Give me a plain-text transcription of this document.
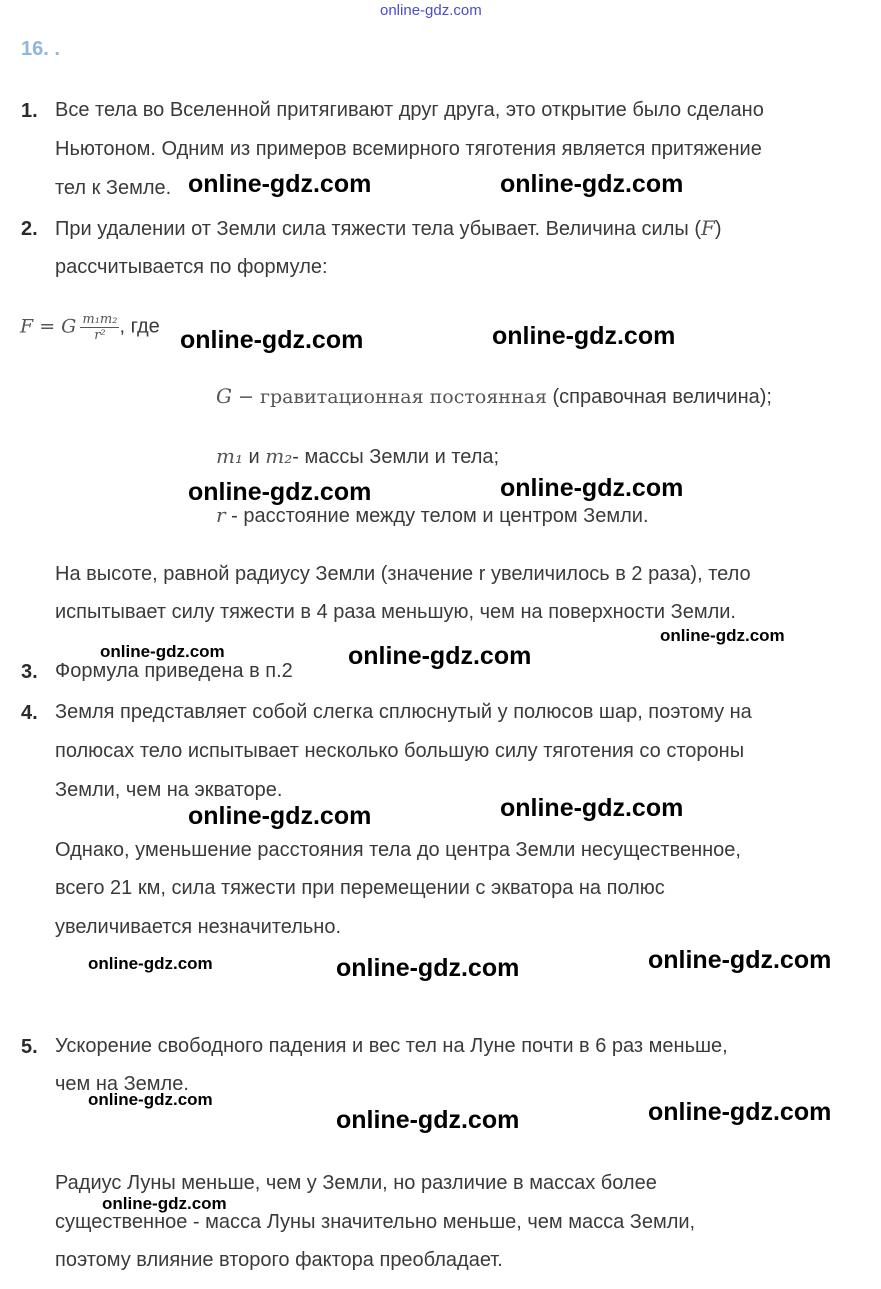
online-gdz.com
16. .
1. Все тела во Вселенной притягивают друг друга, это открытие было сделано
Ньютоном. Одним из примеров всемирного тяготения является притяжение
тел к Земле.
2. При удалении от Земли сила тяжести тела убывает. Величина силы (F)
рассчитывается по формуле:
F = G $\frac{\text{m₁m₂}}{\text{r²}}$ , где
G − гравитационная постоянная (справочная величина);
m₁ и m₂- массы Земли и тела;
r - расстояние между телом и центром Земли.
На высоте, равной радиусу Земли (значение r увеличилось в 2 раза), тело
испытывает силу тяжести в 4 раза меньшую, чем на поверхности Земли.
3. Формула приведена в п.2
4. Земля представляет собой слегка сплюснутый у полюсов шар, поэтому на
полюсах тело испытывает несколько большую силу тяготения со стороны
Земли, чем на экваторе.
Однако, уменьшение расстояния тела до центра Земли несущественное,
всего 21 км, сила тяжести при перемещении с экватора на полюс
увеличивается незначительно.
5. Ускорение свободного падения и вес тел на Луне почти в 6 раз меньше,
чем на Земле.
Радиус Луны меньше, чем у Земли, но различие в массах более
существенное - масса Луны значительно меньше, чем масса Земли,
поэтому влияние второго фактора преобладает.
online-gdz.com	online-gdz.com
online-gdz.com	online-gdz.com
online-gdz.com	online-gdz.com
online-gdz.com
online-gdz.com
online-gdz.com
online-gdz.com	online-gdz.com
online-gdz.com	online-gdz.com	online-gdz.com
online-gdz.com
online-gdz.com	online-gdz.com
online-gdz.com
